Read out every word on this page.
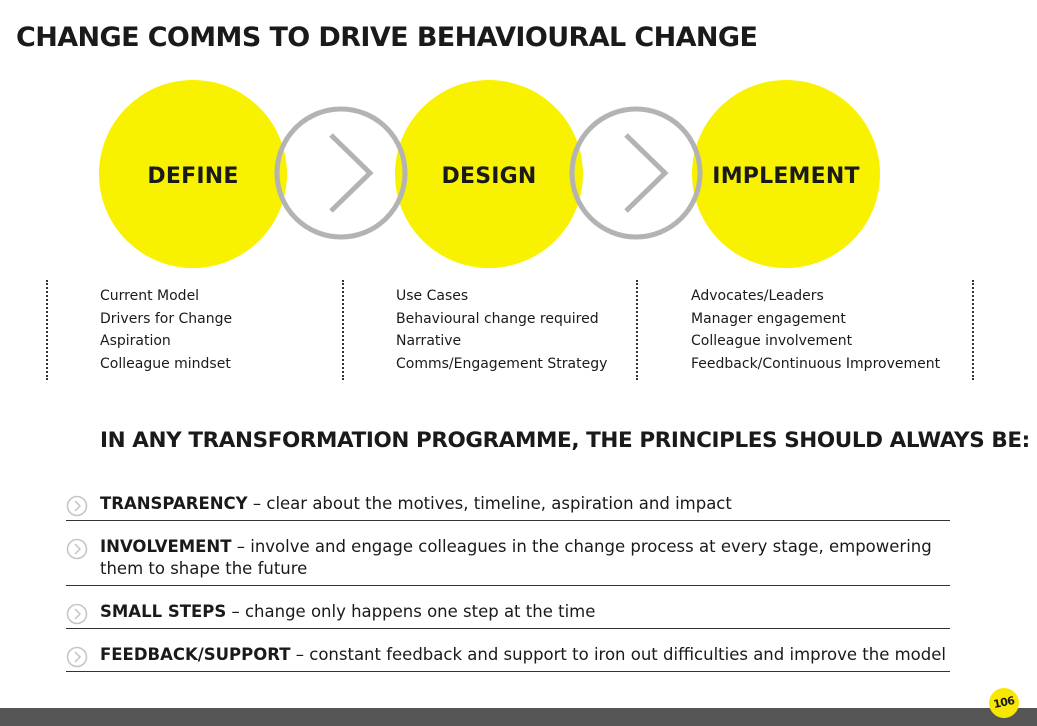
CHANGE COMMS TO DRIVE BEHAVIOURAL CHANGE
DEFINE	DESIGN	IMPLEMENT
Current Model
Drivers for Change
Aspiration
Colleague mindset
Use Cases
Behavioural change required
Narrative
Comms/Engagement Strategy
Advocates/Leaders
Manager engagement
Colleague involvement
Feedback/Continuous Improvement
IN ANY TRANSFORMATION PROGRAMME, THE PRINCIPLES SHOULD ALWAYS BE:
TRANSPARENCY – clear about the motives, timeline, aspiration and impact
INVOLVEMENT – involve and engage colleagues in the change process at every stage, empowering them to shape the future
SMALL STEPS – change only happens one step at the time
FEEDBACK/SUPPORT – constant feedback and support to iron out difficulties and improve the model
106
